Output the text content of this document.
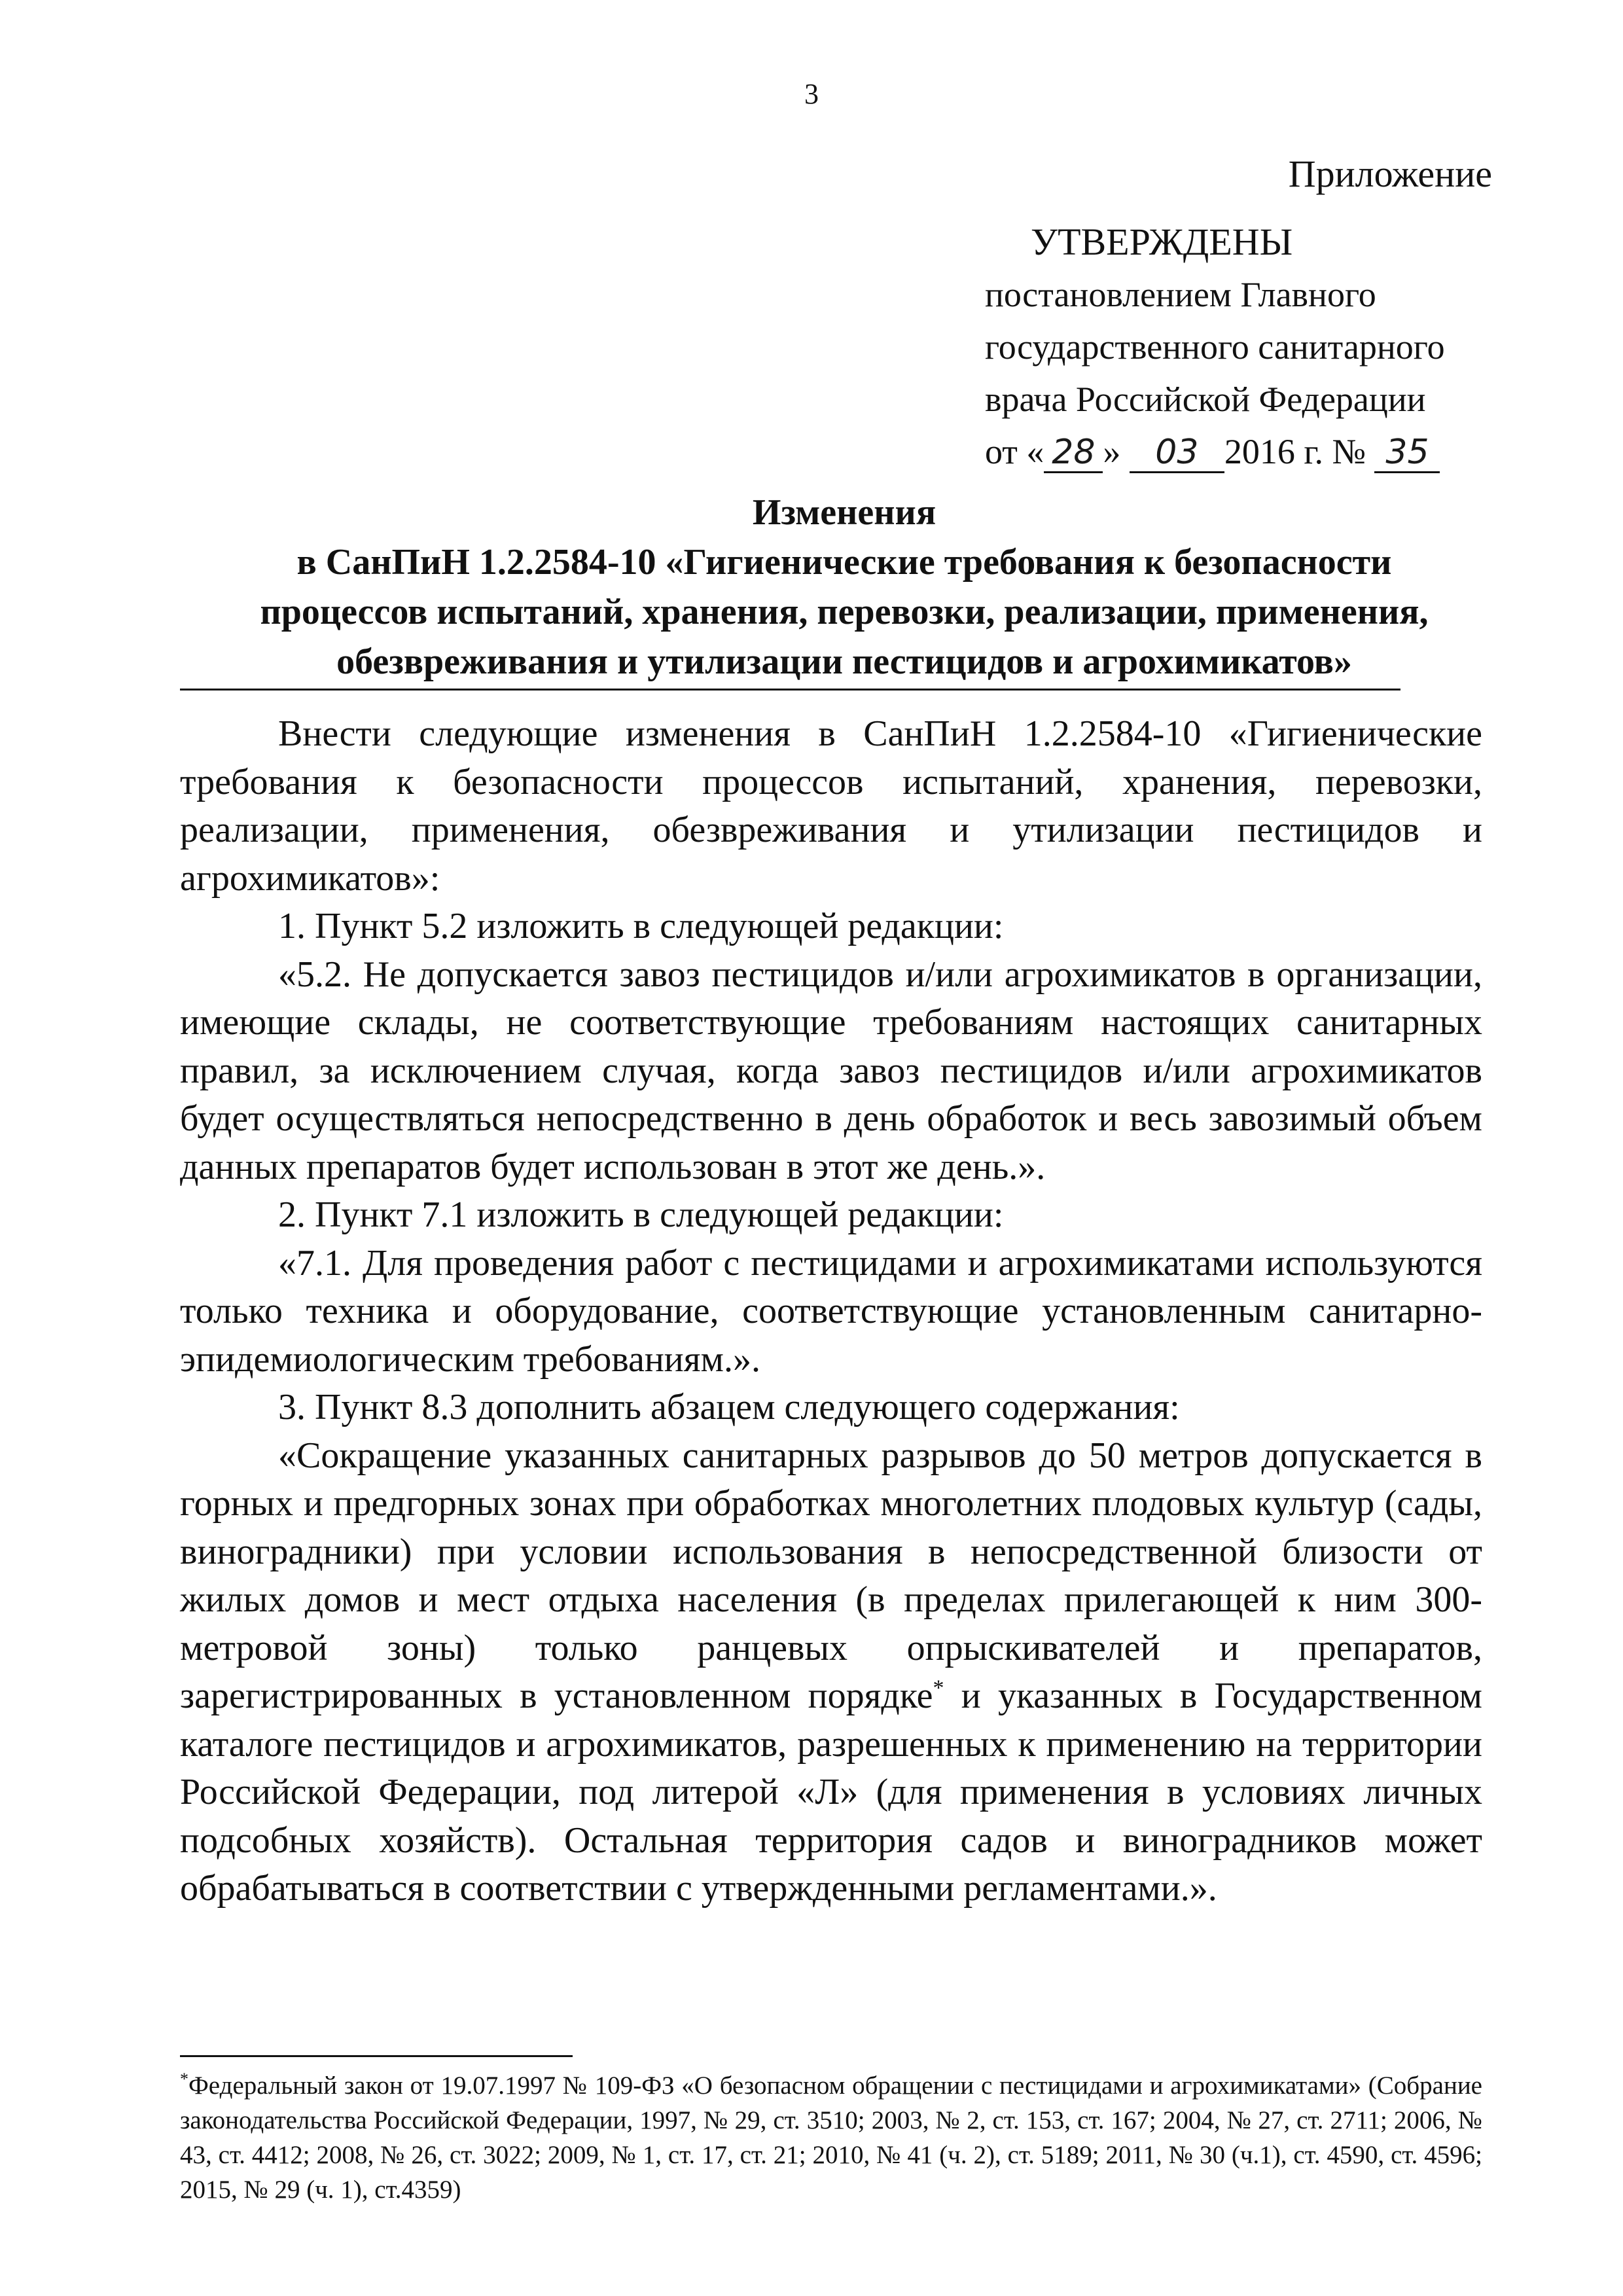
3
Приложение
УТВЕРЖДЕНЫ
постановлением Главного
государственного санитарного
врача Российской Федерации
от « 28 » 03 2016 г. № 35
Изменения
в СанПиН 1.2.2584-10 «Гигиенические требования к безопасности
процессов испытаний, хранения, перевозки, реализации, применения,
обезвреживания и утилизации пестицидов и агрохимикатов»

Внести следующие изменения в СанПиН 1.2.2584-10 «Гигиенические требования к безопасности процессов испытаний, хранения, перевозки, реализации, применения, обезвреживания и утилизации пестицидов и агрохимикатов»:

1. Пункт 5.2 изложить в следующей редакции:

«5.2. Не допускается завоз пестицидов и/или агрохимикатов в организации, имеющие склады, не соответствующие требованиям настоящих санитарных правил, за исключением случая, когда завоз пестицидов и/или агрохимикатов будет осуществляться непосредственно в день обработок и весь завозимый объем данных препаратов будет использован в этот же день.».

2. Пункт 7.1 изложить в следующей редакции:

«7.1. Для проведения работ с пестицидами и агрохимикатами используются только техника и оборудование, соответствующие установленным санитарно-эпидемиологическим требованиям.».

3. Пункт 8.3 дополнить абзацем следующего содержания:

«Сокращение указанных санитарных разрывов до 50 метров допускается в горных и предгорных зонах при обработках многолетних плодовых культур (сады, виноградники) при условии использования в непосредственной близости от жилых домов и мест отдыха населения (в пределах прилегающей к ним 300-метровой зоны) только ранцевых опрыскивателей и препаратов, зарегистрированных в установленном порядке* и указанных в Государственном каталоге пестицидов и агрохимикатов, разрешенных к применению на территории Российской Федерации, под литерой «Л» (для применения в условиях личных подсобных хозяйств). Остальная территория садов и виноградников может обрабатываться в соответствии с утвержденными регламентами.».

*Федеральный закон от 19.07.1997 № 109-ФЗ «О безопасном обращении с пестицидами и агрохимикатами» (Собрание законодательства Российской Федерации, 1997, № 29, ст. 3510; 2003, № 2, ст. 153, ст. 167; 2004, № 27, ст. 2711; 2006, № 43, ст. 4412; 2008, № 26, ст. 3022; 2009, № 1, ст. 17, ст. 21; 2010, № 41 (ч. 2), ст. 5189; 2011, № 30 (ч.1), ст. 4590, ст. 4596; 2015, № 29 (ч. 1), ст.4359)
